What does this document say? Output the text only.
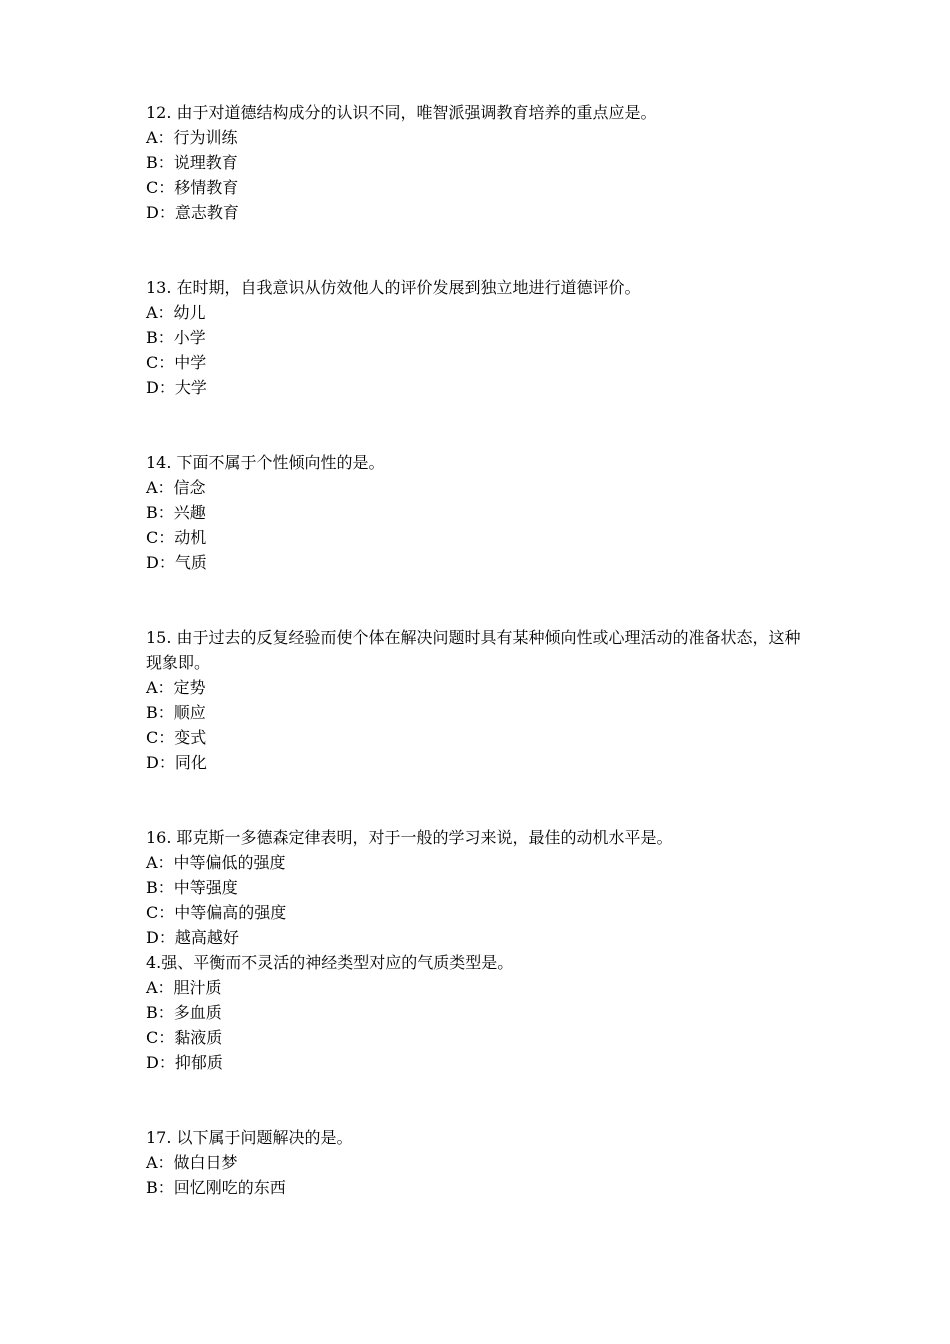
12. 由于对道德结构成分的认识不同，唯智派强调教育培养的重点应是。
A：行为训练
B：说理教育
C：移情教育
D：意志教育
13. 在时期，自我意识从仿效他人的评价发展到独立地进行道德评价。
A：幼儿
B：小学
C：中学
D：大学
14. 下面不属于个性倾向性的是。
A：信念
B：兴趣
C：动机
D：气质
15. 由于过去的反复经验而使个体在解决问题时具有某种倾向性或心理活动的准备状态，这种现象即。
A：定势
B：顺应
C：变式
D：同化
16. 耶克斯一多德森定律表明，对于一般的学习来说，最佳的动机水平是。
A：中等偏低的强度
B：中等强度
C：中等偏高的强度
D：越高越好
4.强、平衡而不灵活的神经类型对应的气质类型是。
A：胆汁质
B：多血质
C：黏液质
D：抑郁质
17. 以下属于问题解决的是。
A：做白日梦
B：回忆刚吃的东西
